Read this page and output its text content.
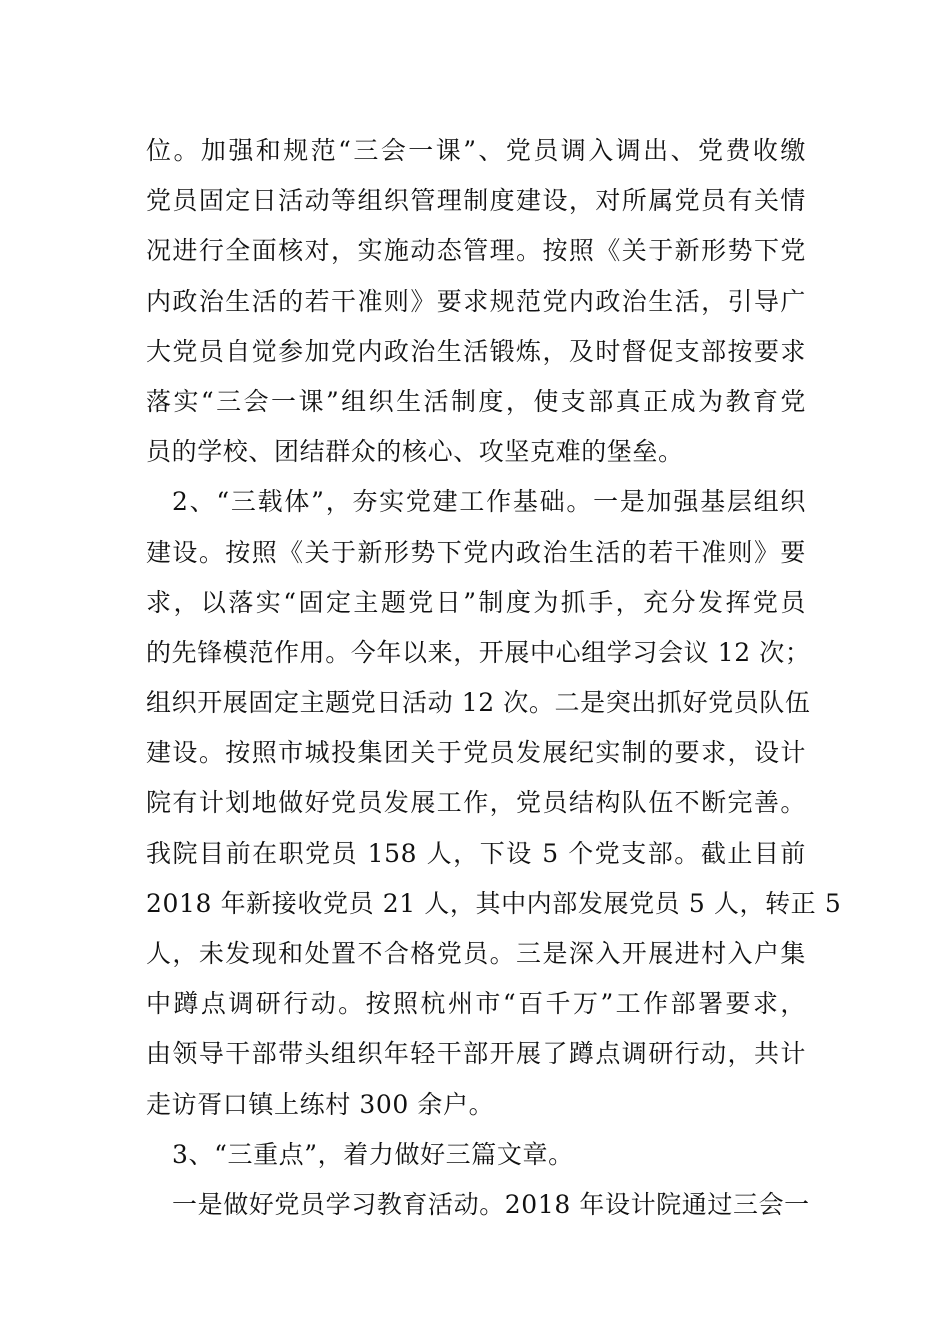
位。加强和规范“三会一课”、党员调入调出、党费收缴
党员固定日活动等组织管理制度建设，对所属党员有关情
况进行全面核对，实施动态管理。按照《关于新形势下党
内政治生活的若干准则》要求规范党内政治生活，引导广
大党员自觉参加党内政治生活锻炼，及时督促支部按要求
落实“三会一课”组织生活制度，使支部真正成为教育党
员的学校、团结群众的核心、攻坚克难的堡垒。
2、“三载体”，夯实党建工作基础。一是加强基层组织
建设。按照《关于新形势下党内政治生活的若干准则》要
求，以落实“固定主题党日”制度为抓手，充分发挥党员
的先锋模范作用。今年以来，开展中心组学习会议 12 次；
组织开展固定主题党日活动 12 次。二是突出抓好党员队伍
建设。按照市城投集团关于党员发展纪实制的要求，设计
院有计划地做好党员发展工作，党员结构队伍不断完善。
我院目前在职党员 158 人，下设 5 个党支部。截止目前
2018 年新接收党员 21 人，其中内部发展党员 5 人，转正 5
人，未发现和处置不合格党员。三是深入开展进村入户集
中蹲点调研行动。按照杭州市“百千万”工作部署要求，
由领导干部带头组织年轻干部开展了蹲点调研行动，共计
走访胥口镇上练村 300 余户。
3、“三重点”，着力做好三篇文章。
一是做好党员学习教育活动。2018 年设计院通过三会一
